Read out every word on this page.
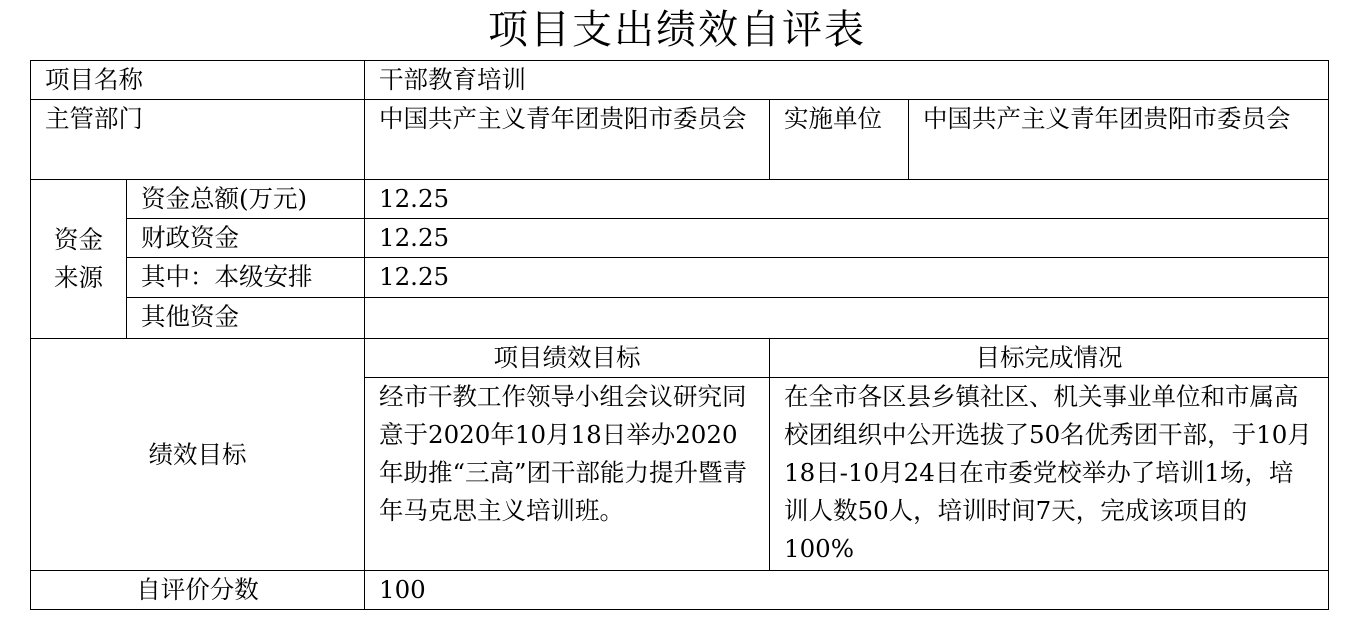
项目支出绩效自评表
项目名称		干部教育培训		
主管部门		中国共产主义青年团贵阳市委员会	实施单位	中国共产主义青年团贵阳市委员会
资金来源	资金总额(万元)	12.25		
	财政资金	12.25		
	其中：本级安排	12.25		
	其他资金			
绩效目标		项目绩效目标	目标完成情况	
		经市干教工作领导小组会议研究同意于2020年10月18日举办2020年助推“三高”团干部能力提升暨青年马克思主义培训班。	在全市各区县乡镇社区、机关事业单位和市属高校团组织中公开选拔了50名优秀团干部，于10月18日-10月24日在市委党校举办了培训1场，培训人数50人，培训时间7天，完成该项目的100%	
自评价分数		100		
